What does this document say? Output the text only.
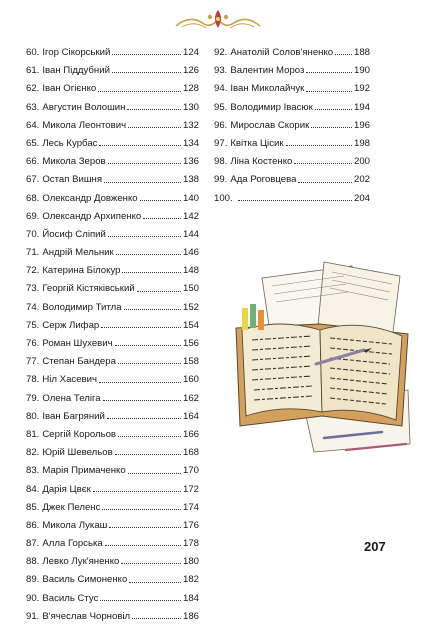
60. Ігор Сікорський	124
61. Іван Піддубний	126
62. Іван Огієнко	128
63. Августин Волошин	130
64. Микола Леонтович	132
65. Лесь Курбас	134
66. Микола Зеров	136
67. Остап Вишня	138
68. Олександр Довженко	140
69. Олександр Архипенко	142
70. Йосиф Сліпий	144
71. Андрій Мельник	146
72. Катерина Білокур	148
73. Георгій Кістяківський	150
74. Володимир Титла	152
75. Серж Лифар	154
76. Роман Шухевич	156
77. Степан Бандера	158
78. Ніл Хасевич	160
79. Олена Теліга	162
80. Іван Багряний	164
81. Сергій Корольов	166
82. Юрій Шевельов	168
83. Марія Примаченко	170
84. Дарія Цвєк	172
85. Джек Пеленс	174
86. Микола Лукаш	176
87. Алла Горська	178
88. Левко Лук'яненко	180
89. Василь Симоненко	182
90. Василь Стус	184
91. В'ячеслав Чорновіл	186
92. Анатолій Солов'яненко 188
93. Валентин Мороз	190
94. Іван Миколайчук	192
95. Володимир Івасюк	194
96. Мирослав Скорик	196
97. Квітка Цісик	198
98. Ліна Костенко	200
99. Ада Роговцева	202
100.	204
207
